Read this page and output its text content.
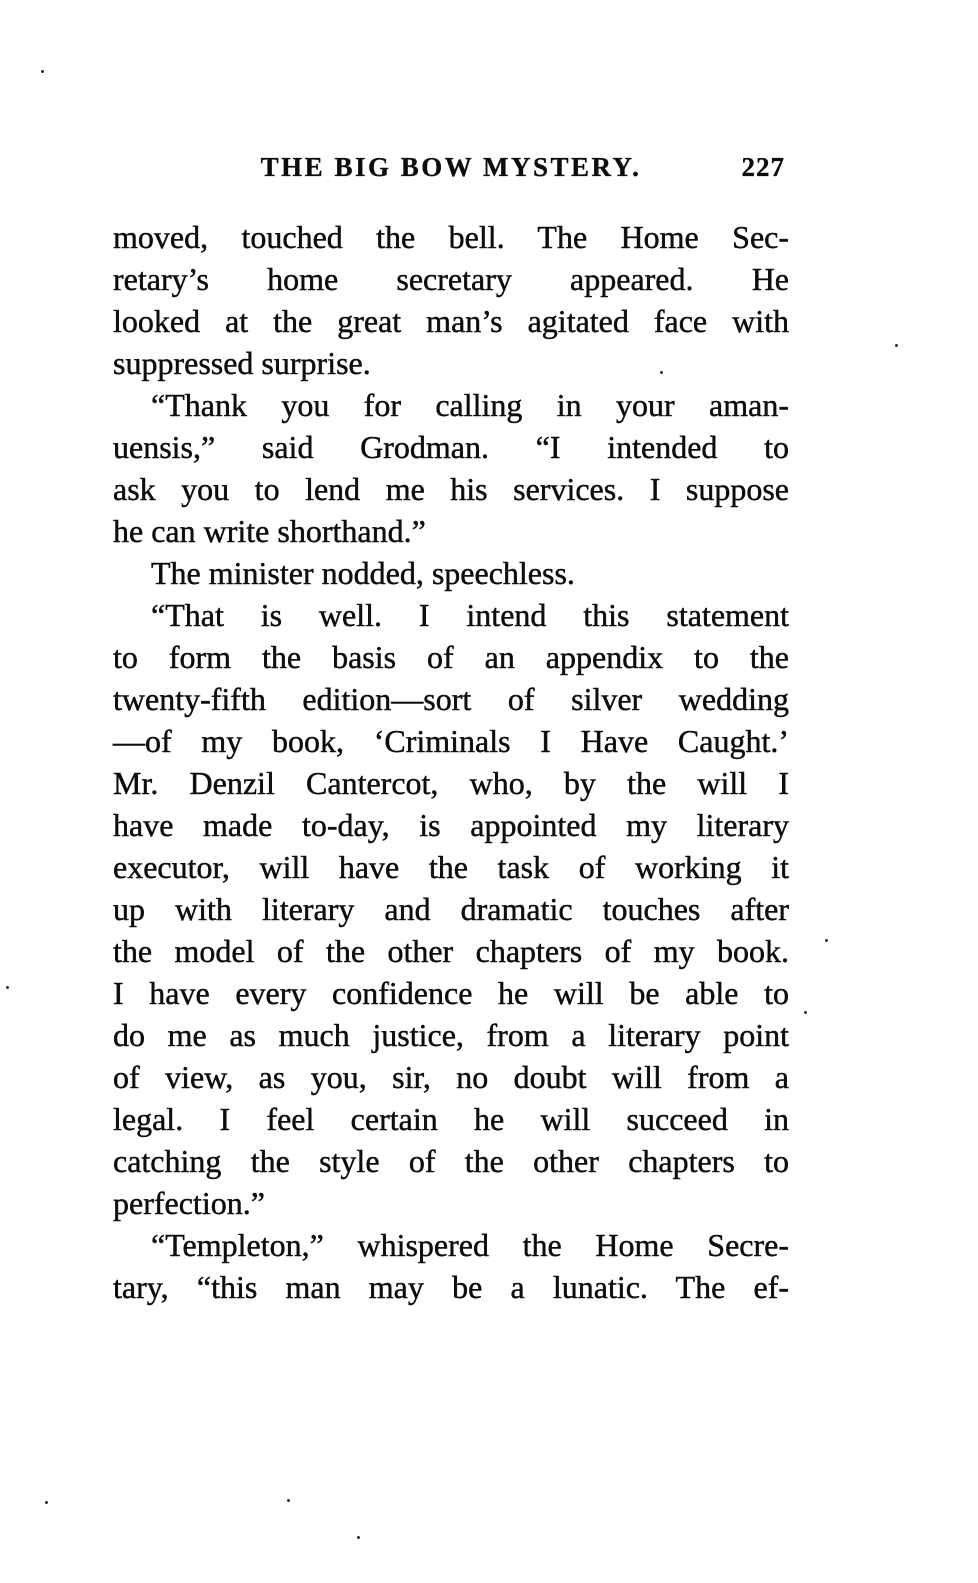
THE BIG BOW MYSTERY.	227
moved, touched the bell. The Home Sec-
retary’s home secretary appeared. He
looked at the great man’s agitated face with
suppressed surprise.
“Thank you for calling in your aman-
uensis,” said Grodman. “I intended to
ask you to lend me his services. I suppose
he can write shorthand.”
The minister nodded, speechless.
“That is well. I intend this statement
to form the basis of an appendix to the
twenty-fifth edition—sort of silver wedding
—of my book, ‘Criminals I Have Caught.’
Mr. Denzil Cantercot, who, by the will I
have made to-day, is appointed my literary
executor, will have the task of working it
up with literary and dramatic touches after
the model of the other chapters of my book.
I have every confidence he will be able to
do me as much justice, from a literary point
of view, as you, sir, no doubt will from a
legal. I feel certain he will succeed in
catching the style of the other chapters to
perfection.”
“Templeton,” whispered the Home Secre-
tary, “this man may be a lunatic. The ef-
